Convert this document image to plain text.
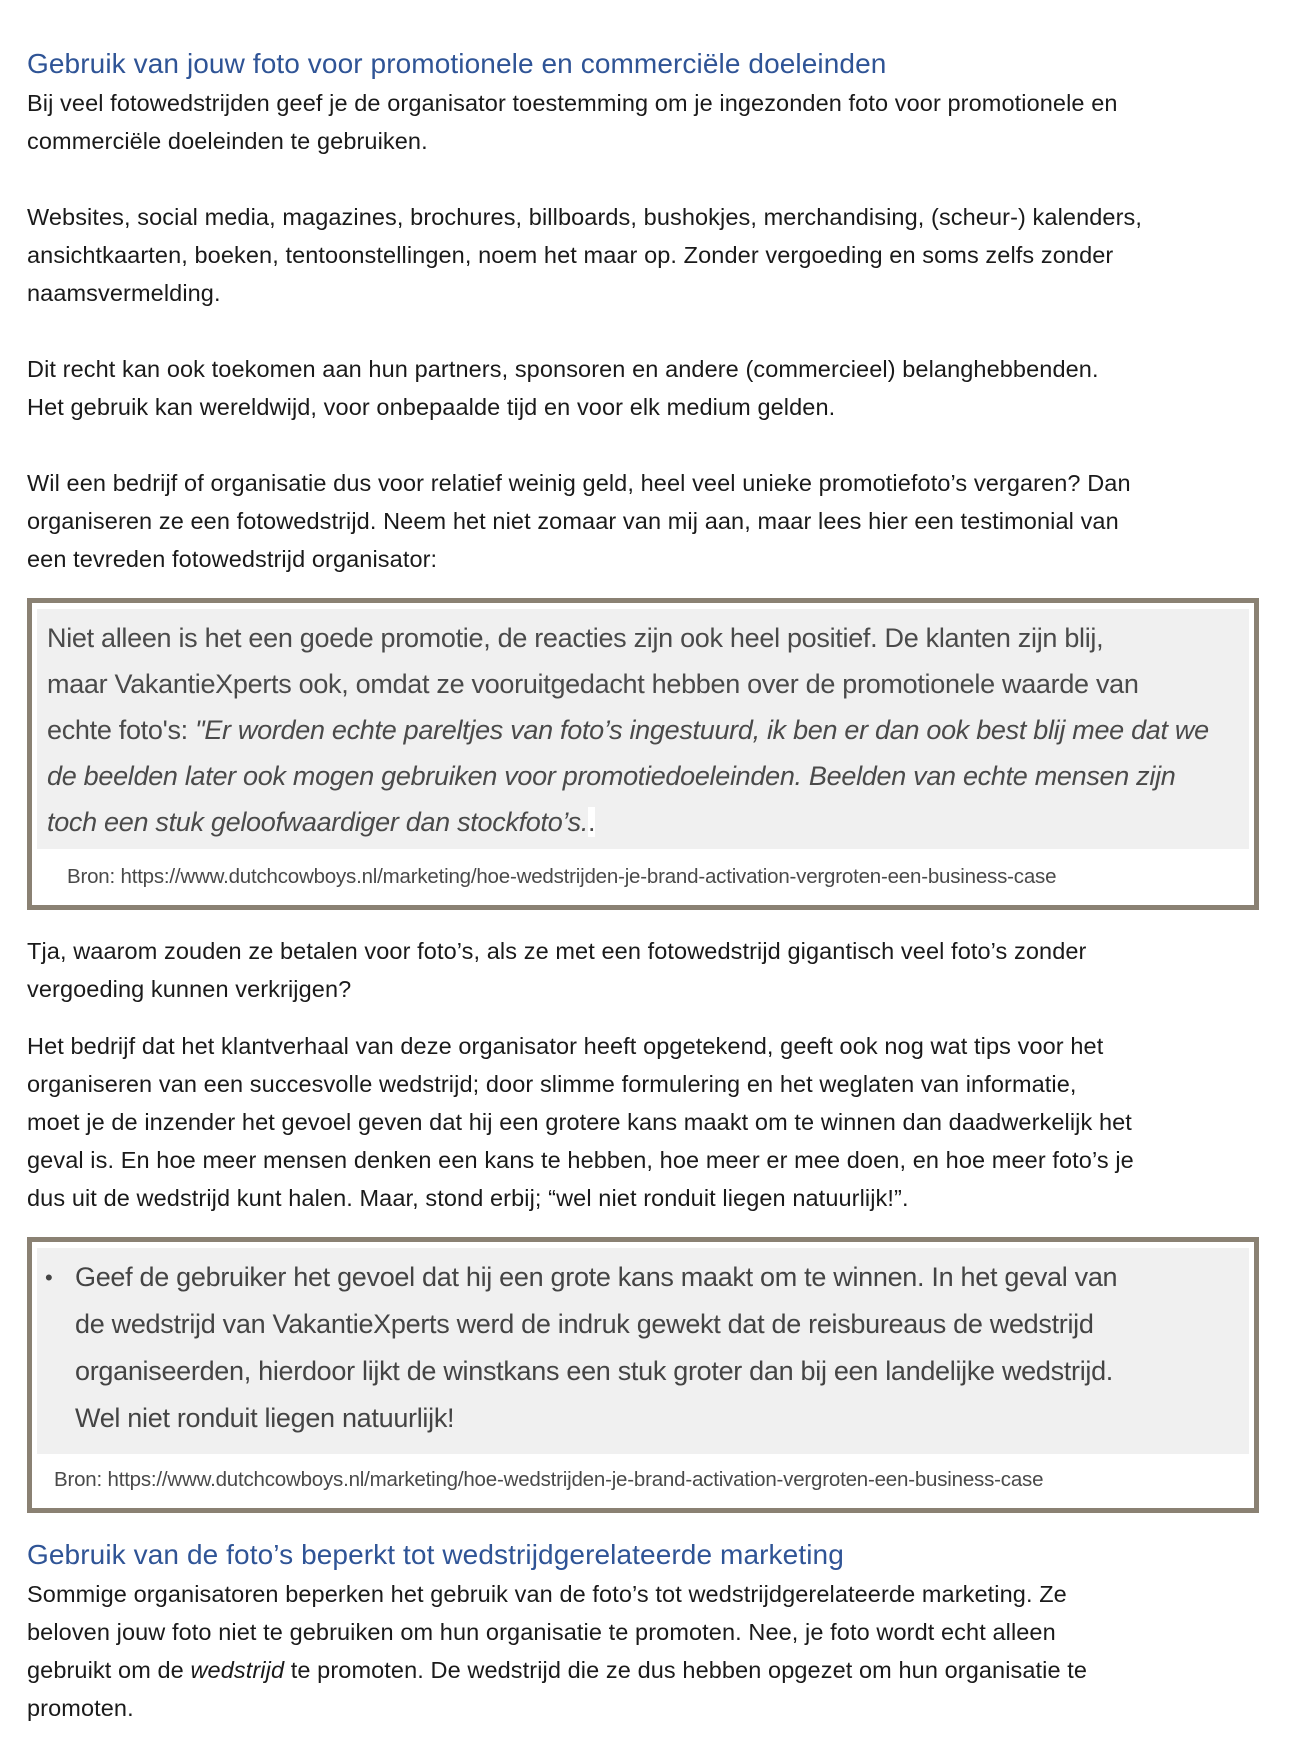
Gebruik van jouw foto voor promotionele en commerciële doeleinden

Bij veel fotowedstrijden geef je de organisator toestemming om je ingezonden foto voor promotionele en
commerciële doeleinden te gebruiken.

Websites, social media, magazines, brochures, billboards, bushokjes, merchandising, (scheur-) kalenders,
ansichtkaarten, boeken, tentoonstellingen, noem het maar op. Zonder vergoeding en soms zelfs zonder
naamsvermelding.

Dit recht kan ook toekomen aan hun partners, sponsoren en andere (commercieel) belanghebbenden.
Het gebruik kan wereldwijd, voor onbepaalde tijd en voor elk medium gelden.

Wil een bedrijf of organisatie dus voor relatief weinig geld, heel veel unieke promotiefoto’s vergaren? Dan
organiseren ze een fotowedstrijd. Neem het niet zomaar van mij aan, maar lees hier een testimonial van
een tevreden fotowedstrijd organisator:

Niet alleen is het een goede promotie, de reacties zijn ook heel positief. De klanten zijn blij,
maar VakantieXperts ook, omdat ze vooruitgedacht hebben over de promotionele waarde van
echte foto's: "Er worden echte pareltjes van foto’s ingestuurd, ik ben er dan ook best blij mee dat we
de beelden later ook mogen gebruiken voor promotiedoeleinden. Beelden van echte mensen zijn
toch een stuk geloofwaardiger dan stockfoto’s..
Bron: https://www.dutchcowboys.nl/marketing/hoe-wedstrijden-je-brand-activation-vergroten-een-business-case

Tja, waarom zouden ze betalen voor foto’s, als ze met een fotowedstrijd gigantisch veel foto’s zonder
vergoeding kunnen verkrijgen?

Het bedrijf dat het klantverhaal van deze organisator heeft opgetekend, geeft ook nog wat tips voor het
organiseren van een succesvolle wedstrijd; door slimme formulering en het weglaten van informatie,
moet je de inzender het gevoel geven dat hij een grotere kans maakt om te winnen dan daadwerkelijk het
geval is. En hoe meer mensen denken een kans te hebben, hoe meer er mee doen, en hoe meer foto’s je
dus uit de wedstrijd kunt halen. Maar, stond erbij; “wel niet ronduit liegen natuurlijk!”.

• Geef de gebruiker het gevoel dat hij een grote kans maakt om te winnen. In het geval van
de wedstrijd van VakantieXperts werd de indruk gewekt dat de reisbureaus de wedstrijd
organiseerden, hierdoor lijkt de winstkans een stuk groter dan bij een landelijke wedstrijd.
Wel niet ronduit liegen natuurlijk!
Bron: https://www.dutchcowboys.nl/marketing/hoe-wedstrijden-je-brand-activation-vergroten-een-business-case
Gebruik van de foto’s beperkt tot wedstrijdgerelateerde marketing

Sommige organisatoren beperken het gebruik van de foto’s tot wedstrijdgerelateerde marketing. Ze
beloven jouw foto niet te gebruiken om hun organisatie te promoten. Nee, je foto wordt echt alleen
gebruikt om de wedstrijd te promoten. De wedstrijd die ze dus hebben opgezet om hun organisatie te
promoten.
